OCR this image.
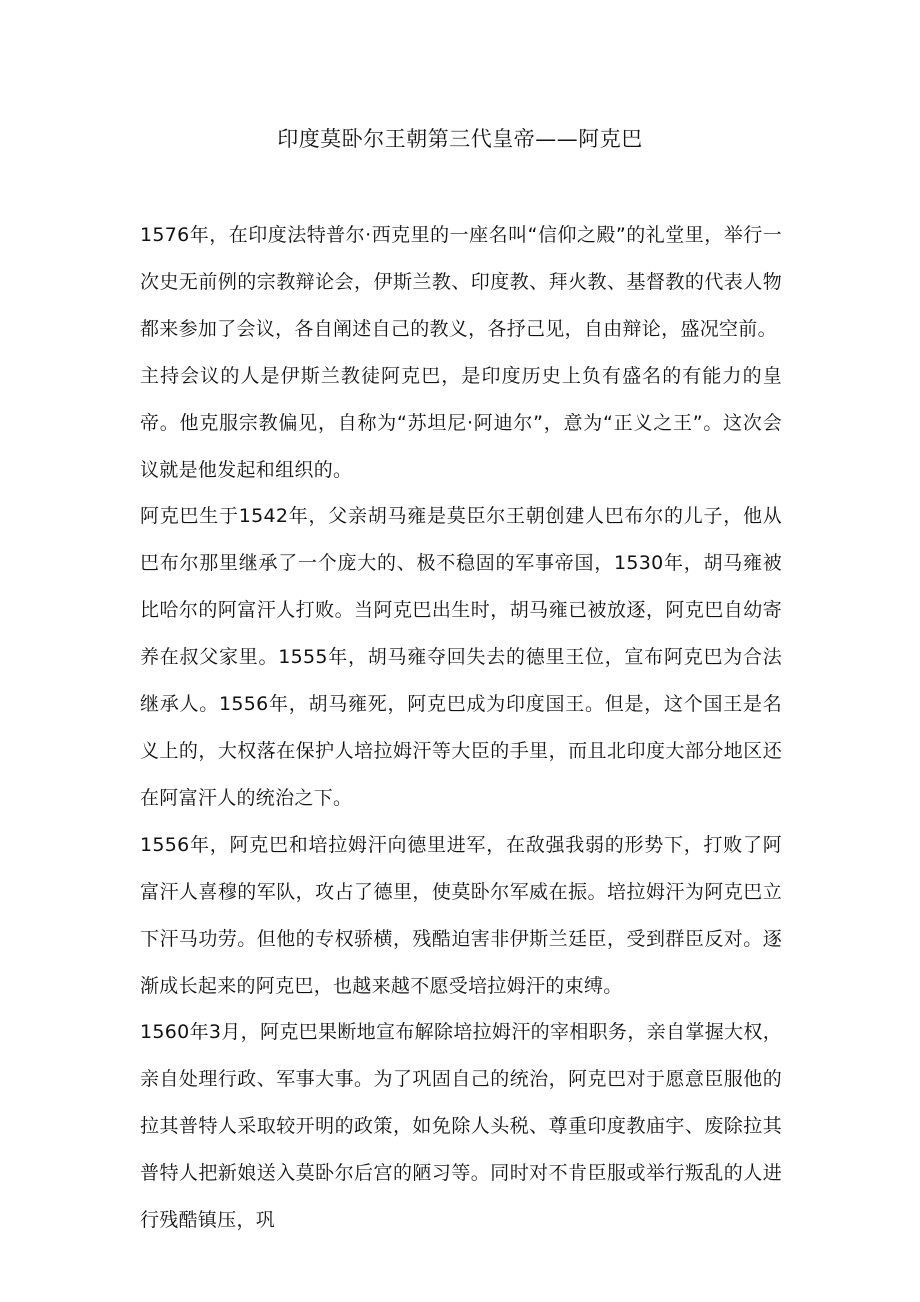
印度莫卧尔王朝第三代皇帝——阿克巴

1576年，在印度法特普尔·西克里的一座名叫“信仰之殿”的礼堂里，举行一次史无前例的宗教辩论会，伊斯兰教、印度教、拜火教、基督教的代表人物都来参加了会议，各自阐述自己的教义，各抒己见，自由辩论，盛况空前。

主持会议的人是伊斯兰教徒阿克巴，是印度历史上负有盛名的有能力的皇帝。他克服宗教偏见，自称为“苏坦尼·阿迪尔”，意为“正义之王”。这次会议就是他发起和组织的。

阿克巴生于1542年，父亲胡马雍是莫臣尔王朝创建人巴布尔的儿子，他从巴布尔那里继承了一个庞大的、极不稳固的军事帝国，1530年，胡马雍被比哈尔的阿富汗人打败。当阿克巴出生时，胡马雍已被放逐，阿克巴自幼寄养在叔父家里。1555年，胡马雍夺回失去的德里王位，宣布阿克巴为合法继承人。1556年，胡马雍死，阿克巴成为印度国王。但是，这个国王是名义上的，大权落在保护人培拉姆汗等大臣的手里，而且北印度大部分地区还在阿富汗人的统治之下。

1556年，阿克巴和培拉姆汗向德里进军，在敌强我弱的形势下，打败了阿富汗人喜穆的军队，攻占了德里，使莫卧尔军威在振。培拉姆汗为阿克巴立下汗马功劳。但他的专权骄横，残酷迫害非伊斯兰廷臣，受到群臣反对。逐渐成长起来的阿克巴，也越来越不愿受培拉姆汗的束缚。

1560年3月，阿克巴果断地宣布解除培拉姆汗的宰相职务，亲自掌握大权，亲自处理行政、军事大事。为了巩固自己的统治，阿克巴对于愿意臣服他的拉其普特人采取较开明的政策，如免除人头税、尊重印度教庙宇、废除拉其普特人把新娘送入莫卧尔后宫的陋习等。同时对不肯臣服或举行叛乱的人进行残酷镇压，巩
